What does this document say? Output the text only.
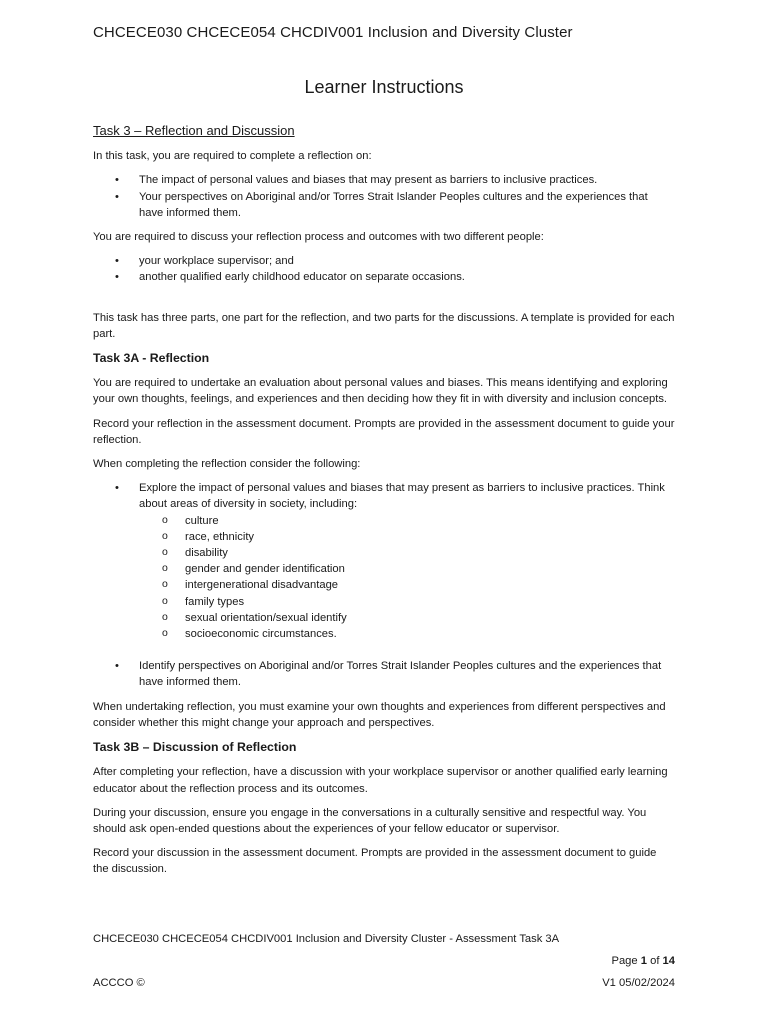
CHCECE030 CHCECE054 CHCDIV001 Inclusion and Diversity Cluster
Learner Instructions
Task 3 – Reflection and Discussion

In this task, you are required to complete a reflection on:

• The impact of personal values and biases that may present as barriers to inclusive practices.
• Your perspectives on Aboriginal and/or Torres Strait Islander Peoples cultures and the experiences that have informed them.

You are required to discuss your reflection process and outcomes with two different people:

• your workplace supervisor; and
• another qualified early childhood educator on separate occasions.

This task has three parts, one part for the reflection, and two parts for the discussions. A template is provided for each part.

Task 3A - Reflection

You are required to undertake an evaluation about personal values and biases. This means identifying and exploring your own thoughts, feelings, and experiences and then deciding how they fit in with diversity and inclusion concepts.

Record your reflection in the assessment document. Prompts are provided in the assessment document to guide your reflection.

When completing the reflection consider the following:

• Explore the impact of personal values and biases that may present as barriers to inclusive practices. Think about areas of diversity in society, including:
o culture
o race, ethnicity
o disability
o gender and gender identification
o intergenerational disadvantage
o family types
o sexual orientation/sexual identify
o socioeconomic circumstances.
• Identify perspectives on Aboriginal and/or Torres Strait Islander Peoples cultures and the experiences that have informed them.

When undertaking reflection, you must examine your own thoughts and experiences from different perspectives and consider whether this might change your approach and perspectives.

Task 3B – Discussion of Reflection

After completing your reflection, have a discussion with your workplace supervisor or another qualified early learning educator about the reflection process and its outcomes.

During your discussion, ensure you engage in the conversations in a culturally sensitive and respectful way. You should ask open-ended questions about the experiences of your fellow educator or supervisor.

Record your discussion in the assessment document. Prompts are provided in the assessment document to guide the discussion.

CHCECE030 CHCECE054 CHCDIV001 Inclusion and Diversity Cluster - Assessment Task 3A
Page 1 of 14
ACCCO ©	V1 05/02/2024
